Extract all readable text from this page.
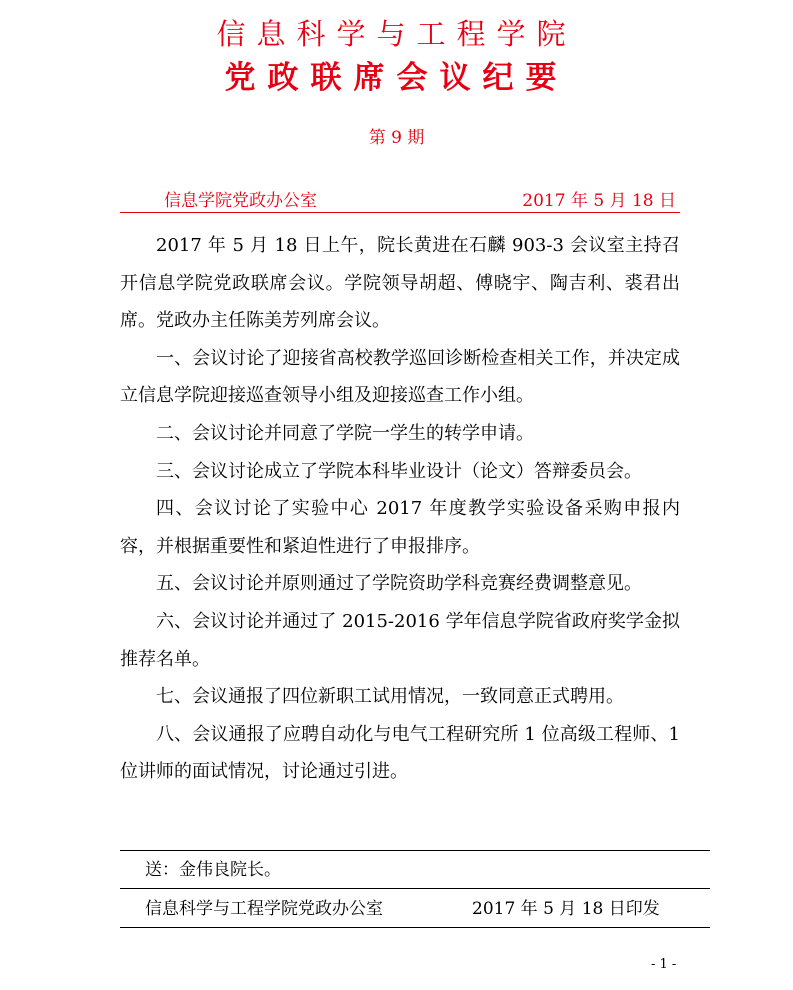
信息科学与工程学院
党政联席会议纪要
第 9 期
信息学院党政办公室	2017 年 5 月 18 日

2017 年 5 月 18 日上午，院长黄进在石麟 903-3 会议室主持召开信息学院党政联席会议。学院领导胡超、傅晓宇、陶吉利、裘君出席。党政办主任陈美芳列席会议。

一、会议讨论了迎接省高校教学巡回诊断检查相关工作，并决定成立信息学院迎接巡查领导小组及迎接巡查工作小组。

二、会议讨论并同意了学院一学生的转学申请。

三、会议讨论成立了学院本科毕业设计（论文）答辩委员会。

四、会议讨论了实验中心 2017 年度教学实验设备采购申报内容，并根据重要性和紧迫性进行了申报排序。

五、会议讨论并原则通过了学院资助学科竞赛经费调整意见。

六、会议讨论并通过了 2015-2016 学年信息学院省政府奖学金拟推荐名单。

七、会议通报了四位新职工试用情况，一致同意正式聘用。

八、会议通报了应聘自动化与电气工程研究所 1 位高级工程师、1 位讲师的面试情况，讨论通过引进。

送：金伟良院长。
信息科学与工程学院党政办公室	2017 年 5 月 18 日印发
- 1 -
